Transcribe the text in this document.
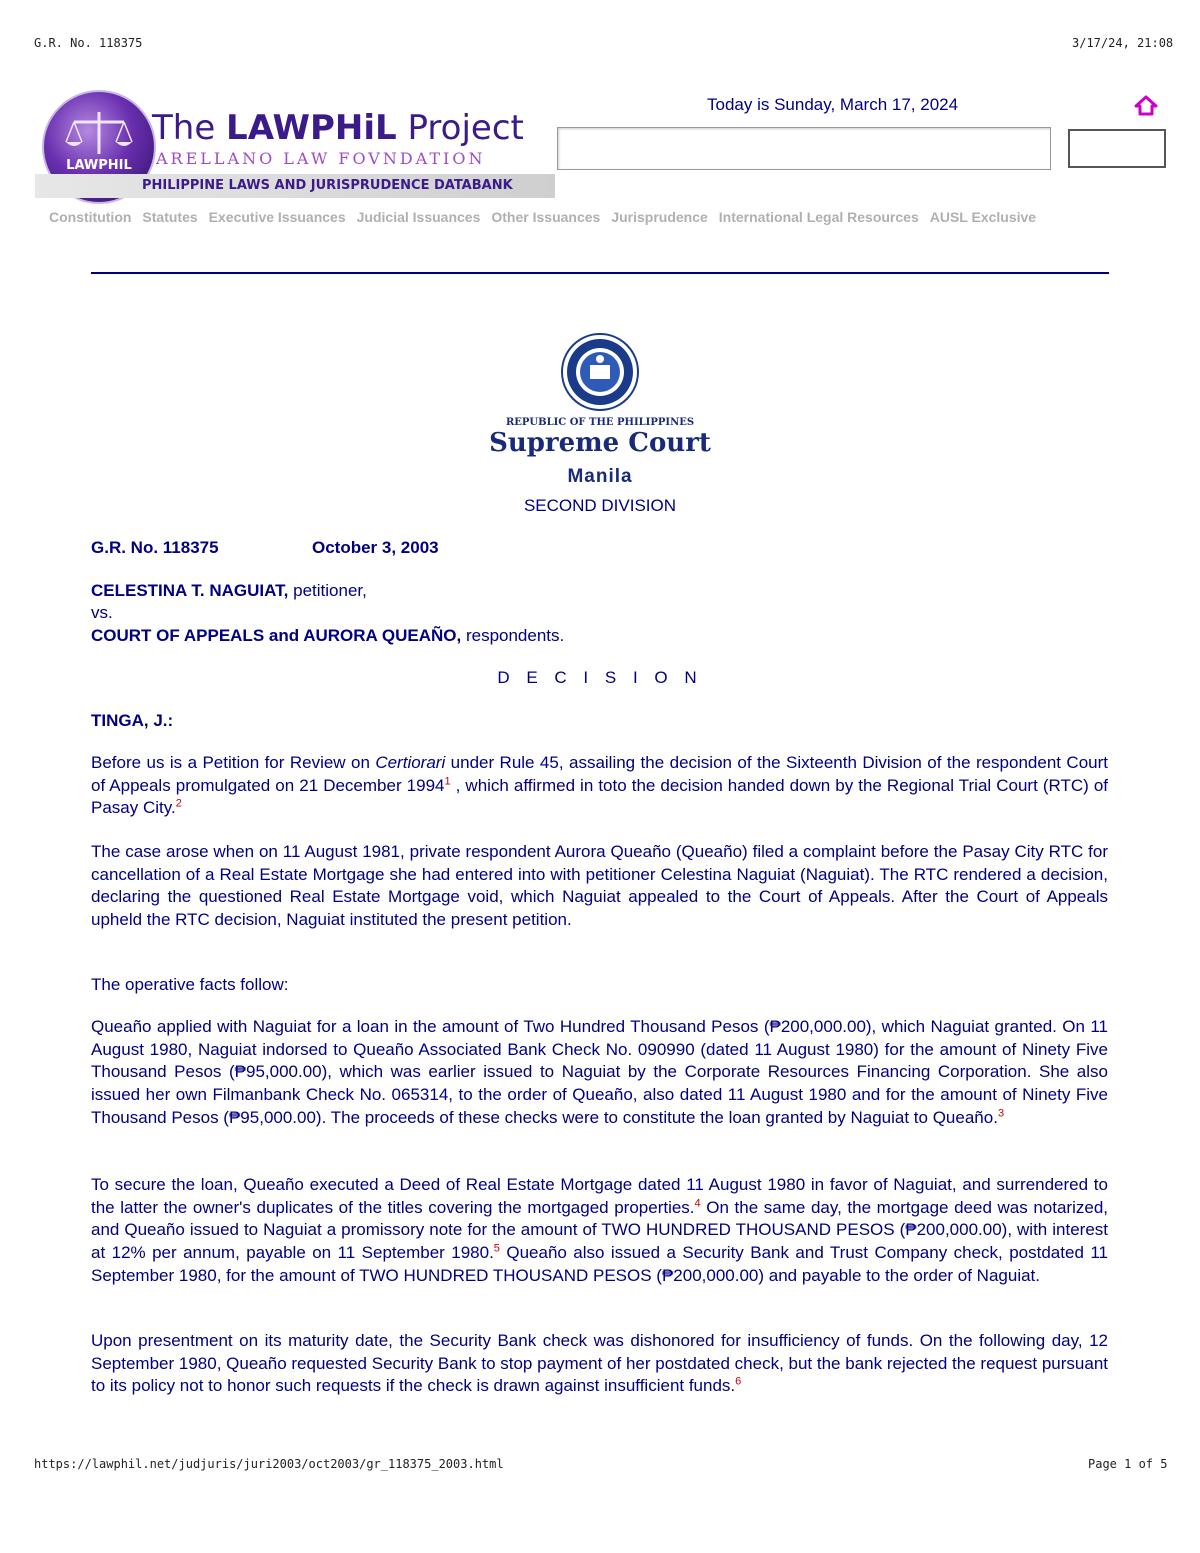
G.R. No. 118375	3/17/24, 21:08
LAWPHIL
The LAWPHiL Project
ARELLANO LAW FOVNDATION
PHILIPPINE LAWS AND JURISPRUDENCE DATABANK
Today is Sunday, March 17, 2024
Constitution Statutes Executive Issuances Judicial Issuances Other Issuances Jurisprudence International Legal Resources AUSL Exclusive
REPUBLIC OF THE PHILIPPINES
Supreme Court
Manila
SECOND DIVISION
G.R. No. 118375	October 3, 2003
CELESTINA T. NAGUIAT, petitioner,
vs.
COURT OF APPEALS and AURORA QUEAÑO, respondents.
D E C I S I O N
TINGA, J.:
Before us is a Petition for Review on Certiorari under Rule 45, assailing the decision of the Sixteenth Division of the respondent Court of Appeals promulgated on 21 December 1994$^1$ , which affirmed in toto the decision handed down by the Regional Trial Court (RTC) of Pasay City.$^2$
The case arose when on 11 August 1981, private respondent Aurora Queaño (Queaño) filed a complaint before the Pasay City RTC for cancellation of a Real Estate Mortgage she had entered into with petitioner Celestina Naguiat (Naguiat). The RTC rendered a decision, declaring the questioned Real Estate Mortgage void, which Naguiat appealed to the Court of Appeals. After the Court of Appeals upheld the RTC decision, Naguiat instituted the present petition.
The operative facts follow:
Queaño applied with Naguiat for a loan in the amount of Two Hundred Thousand Pesos (₱200,000.00), which Naguiat granted. On 11 August 1980, Naguiat indorsed to Queaño Associated Bank Check No. 090990 (dated 11 August 1980) for the amount of Ninety Five Thousand Pesos (₱95,000.00), which was earlier issued to Naguiat by the Corporate Resources Financing Corporation. She also issued her own Filmanbank Check No. 065314, to the order of Queaño, also dated 11 August 1980 and for the amount of Ninety Five Thousand Pesos (₱95,000.00). The proceeds of these checks were to constitute the loan granted by Naguiat to Queaño.$^3$
To secure the loan, Queaño executed a Deed of Real Estate Mortgage dated 11 August 1980 in favor of Naguiat, and surrendered to the latter the owner's duplicates of the titles covering the mortgaged properties.$^4$ On the same day, the mortgage deed was notarized, and Queaño issued to Naguiat a promissory note for the amount of TWO HUNDRED THOUSAND PESOS (₱200,000.00), with interest at 12% per annum, payable on 11 September 1980.$^5$ Queaño also issued a Security Bank and Trust Company check, postdated 11 September 1980, for the amount of TWO HUNDRED THOUSAND PESOS (₱200,000.00) and payable to the order of Naguiat.
Upon presentment on its maturity date, the Security Bank check was dishonored for insufficiency of funds. On the following day, 12 September 1980, Queaño requested Security Bank to stop payment of her postdated check, but the bank rejected the request pursuant to its policy not to honor such requests if the check is drawn against insufficient funds.$^6$
https://lawphil.net/judjuris/juri2003/oct2003/gr_118375_2003.html	Page 1 of 5
